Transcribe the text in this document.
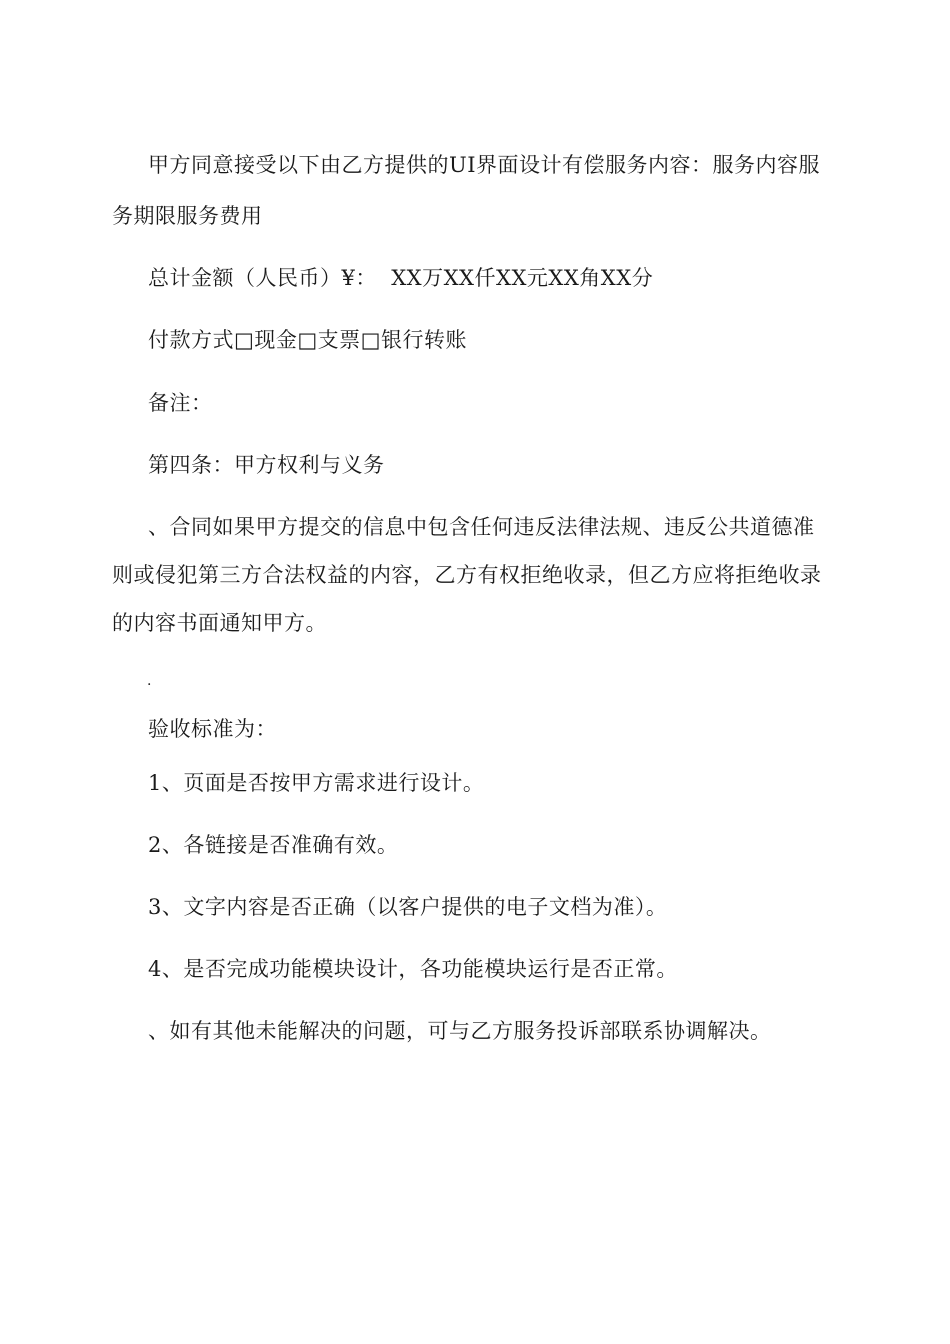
甲方同意接受以下由乙方提供的UI界面设计有偿服务内容：服务内容服
务期限服务费用
总计金额（人民币）¥：  XX万XX仟XX元XX角XX分
付款方式□现金□支票□银行转账
备注：
第四条：甲方权利与义务
、合同如果甲方提交的信息中包含任何违反法律法规、违反公共道德准
则或侵犯第三方合法权益的内容，乙方有权拒绝收录，但乙方应将拒绝收录
的内容书面通知甲方。
·
验收标准为：
1、页面是否按甲方需求进行设计。
2、各链接是否准确有效。
3、文字内容是否正确（以客户提供的电子文档为准）。
4、是否完成功能模块设计，各功能模块运行是否正常。
、如有其他未能解决的问题，可与乙方服务投诉部联系协调解决。
